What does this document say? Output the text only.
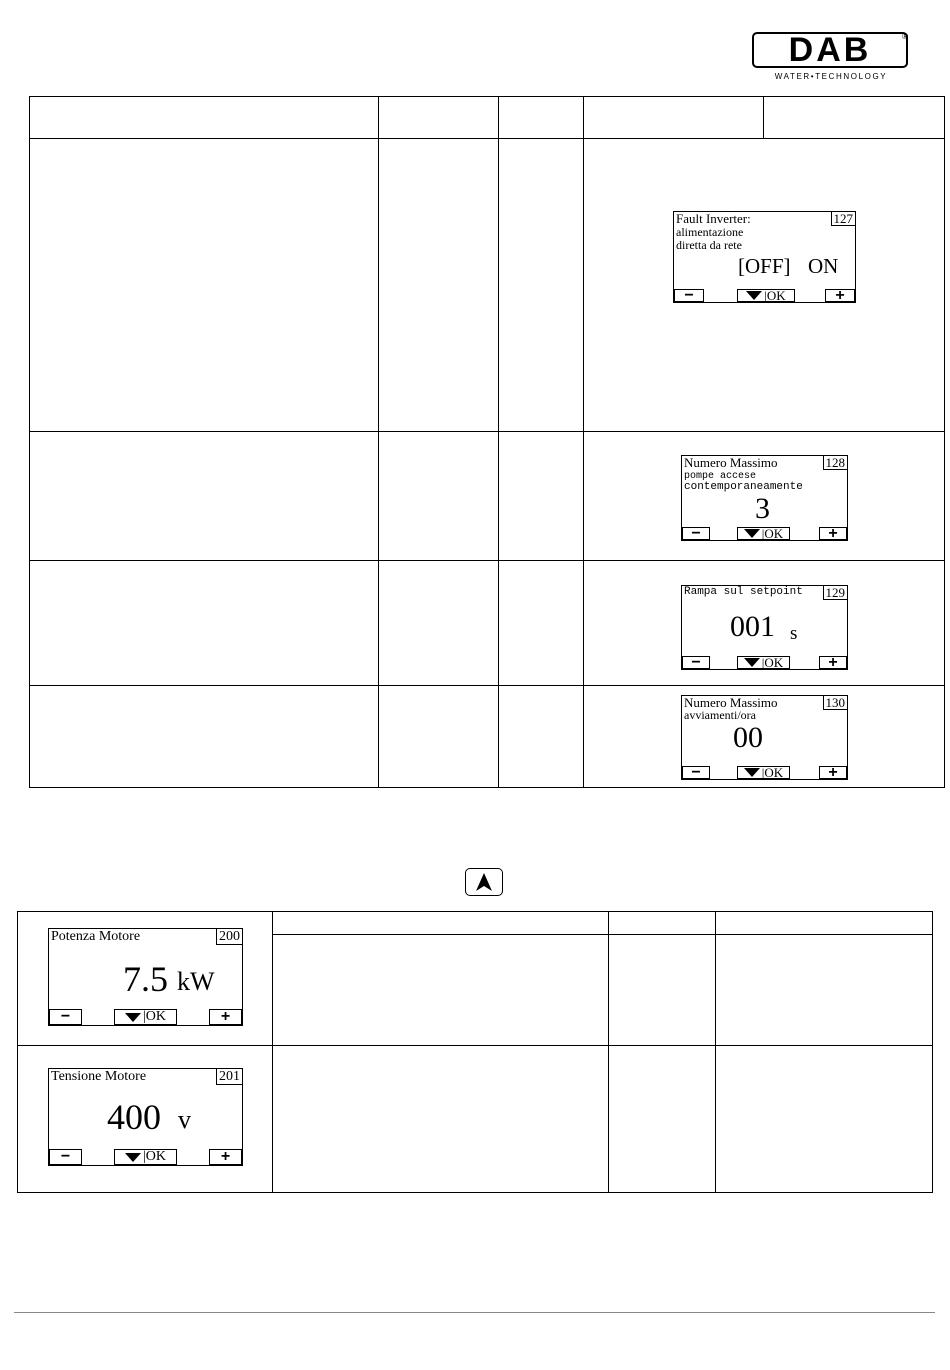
DAB	®
WATER•TECHNOLOGY
Fault Inverter:	127
alimentazione
diretta da rete
[OFF] ON
−	| OK	+
Numero Massimo	128
pompe accese
contemporaneamente
3
−	| OK	+
Rampa sul setpoint 129
001 s
−	| OK	+
Numero Massimo	130
avviamenti/ora
00
−	| OK	+
Potenza Motore	200
7.5 kW
−	| OK	+
Tensione Motore	201
400 v
−	| OK	+
